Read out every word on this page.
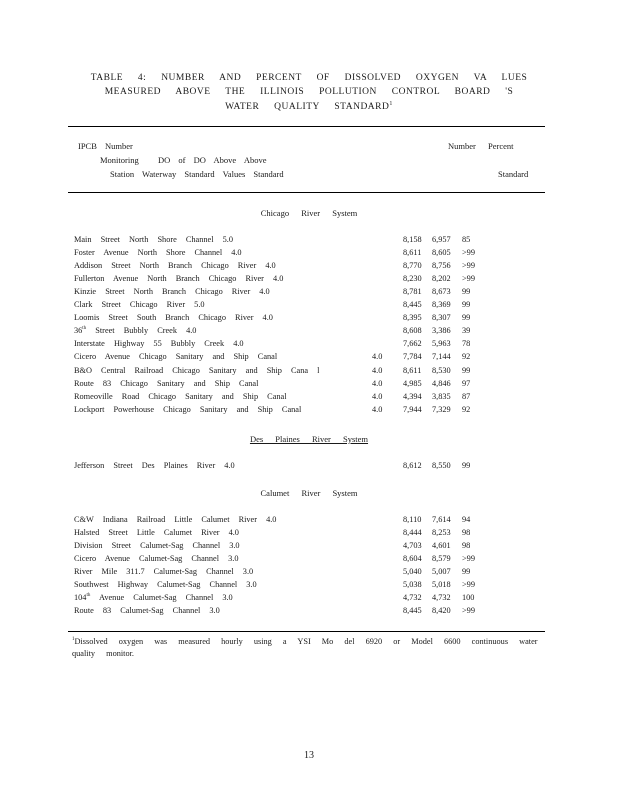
TABLE 4: NUMBER AND PERCENT OF DISSOLVED OXYGEN VA LUES
MEASURED ABOVE THE ILLINOIS POLLUTION CONTROL BOARD 'S
WATER QUALITY STANDARD$^1$
IPCB Number	Number Percent
Monitoring DO of DO Above Above
Station Waterway Standard Values Standard	Standard
Chicago River System
Main Street North Shore Channel 5.0	8,158 6,957 85
Foster Avenue North Shore Channel 4.0	8,611 8,605 >99
Addison Street North Branch Chicago River 4.0	8,770 8,756 >99
Fullerton Avenue North Branch Chicago River 4.0	8,230 8,202 >99
Kinzie Street North Branch Chicago River 4.0	8,781 8,673 99
Clark Street Chicago River 5.0	8,445 8,369 99
Loomis Street South Branch Chicago River 4.0	8,395 8,307 99
36th Street Bubbly Creek 4.0	8,608 3,386 39
Interstate Highway 55 Bubbly Creek 4.0	7,662 5,963 78
Cicero Avenue Chicago Sanitary and Ship Canal	4.0 7,784 7,144 92
B&O Central Railroad Chicago Sanitary and Ship Cana l	4.0 8,611 8,530 99
Route 83 Chicago Sanitary and Ship Canal	4.0 4,985 4,846 97
Romeoville Road Chicago Sanitary and Ship Canal	4.0 4,394 3,835 87
Lockport Powerhouse Chicago Sanitary and Ship Canal	4.0 7,944 7,329 92
Des Plaines River System
Jefferson Street Des Plaines River 4.0	8,612 8,550 99
Calumet River System
C&W Indiana Railroad Little Calumet River 4.0	8,110 7,614 94
Halsted Street Little Calumet River 4.0	8,444 8,253 98
Division Street Calumet-Sag Channel 3.0	4,703 4,601 98
Cicero Avenue Calumet-Sag Channel 3.0	8,604 8,579 >99
River Mile 311.7 Calumet-Sag Channel 3.0	5,040 5,007 99
Southwest Highway Calumet-Sag Channel 3.0	5,038 5,018 >99
104th Avenue Calumet-Sag Channel 3.0	4,732 4,732 100
Route 83 Calumet-Sag Channel 3.0	8,445 8,420 >99
$^1$Dissolved oxygen was measured hourly using a YSI Mo del 6920 or Model 6600 continuous water quality monitor.
13
